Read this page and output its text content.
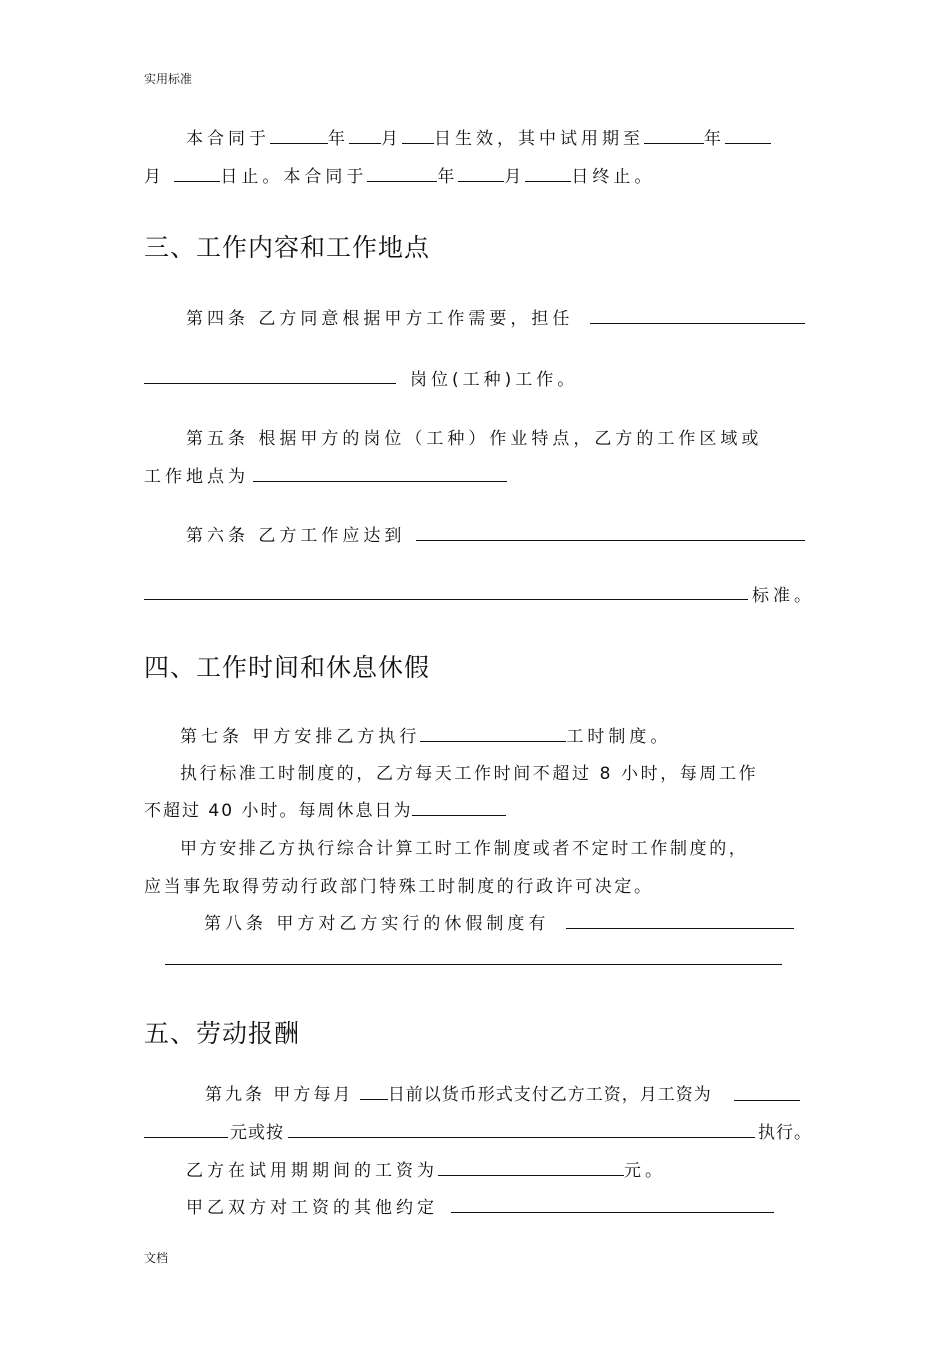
实用标准
文档
本合同于	年 月 日生效，其中试用期至	年
月	日止。本合同于	年	月	日终止。
三、工作内容和工作地点
第四条 乙方同意根据甲方工作需要，担任
岗位(工种)工作。
第五条 根据甲方的岗位（工种）作业特点，乙方的工作区域或
工作地点为
第六条 乙方工作应达到
标准。
四、工作时间和休息休假
第七条 甲方安排乙方执行	工时制度。
执行标准工时制度的，乙方每天工作时间不超过 8 小时，每周工作
不超过 40 小时。每周休息日为
甲方安排乙方执行综合计算工时工作制度或者不定时工作制度的，
应当事先取得劳动行政部门特殊工时制度的行政许可决定。
第八条 甲方对乙方实行的休假制度有
五、劳动报酬
第九条 甲方每月 日前以货币形式支付乙方工资，月工资为
元或按	执行。
乙方在试用期期间的工资为	元。
甲乙双方对工资的其他约定
